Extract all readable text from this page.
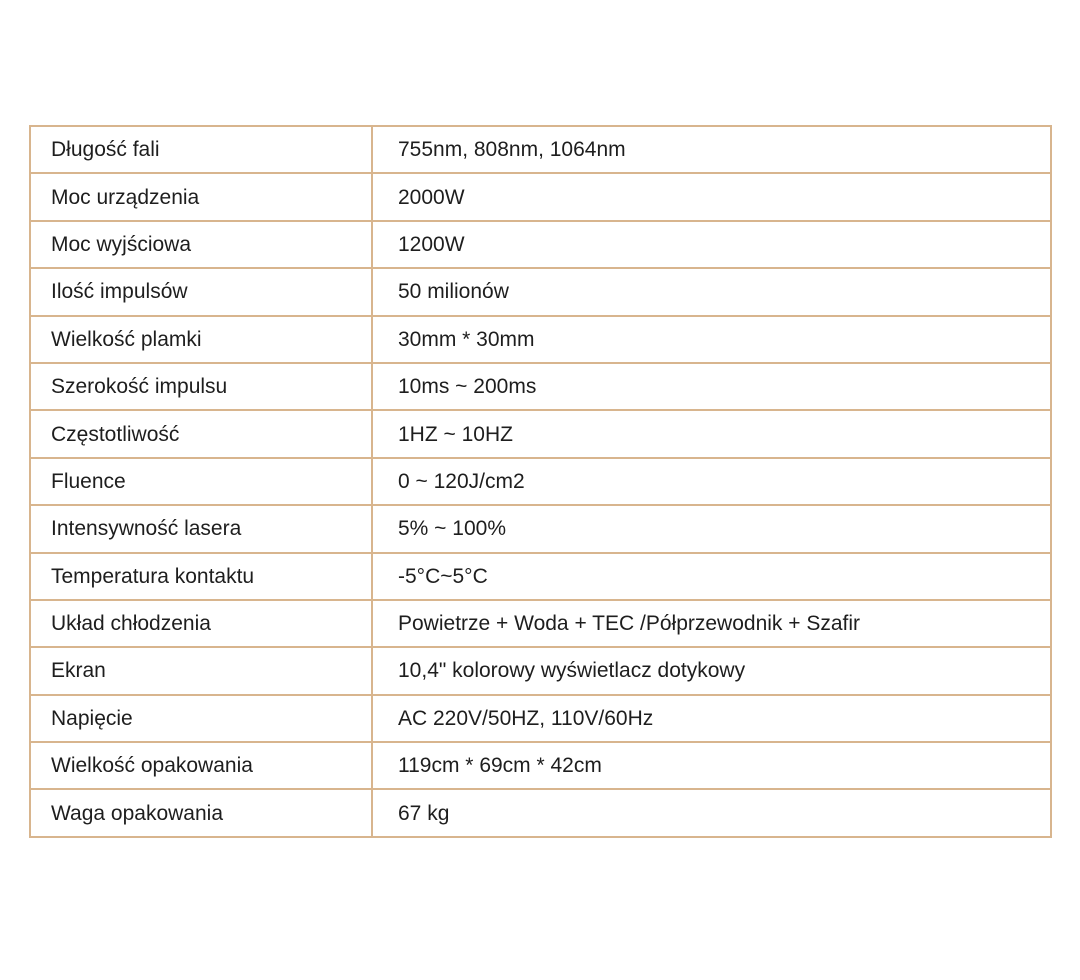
Długość fali	755nm, 808nm, 1064nm
Moc urządzenia	2000W
Moc wyjściowa	1200W
Ilość impulsów	50 milionów
Wielkość plamki	30mm * 30mm
Szerokość impulsu	10ms ~ 200ms
Częstotliwość	1HZ ~ 10HZ
Fluence	0 ~ 120J/cm2
Intensywność lasera	5% ~ 100%
Temperatura kontaktu	-5°C~5°C
Układ chłodzenia	Powietrze + Woda + TEC /Półprzewodnik + Szafir
Ekran	10,4" kolorowy wyświetlacz dotykowy
Napięcie	AC 220V/50HZ, 110V/60Hz
Wielkość opakowania	119cm * 69cm * 42cm
Waga opakowania	67 kg
